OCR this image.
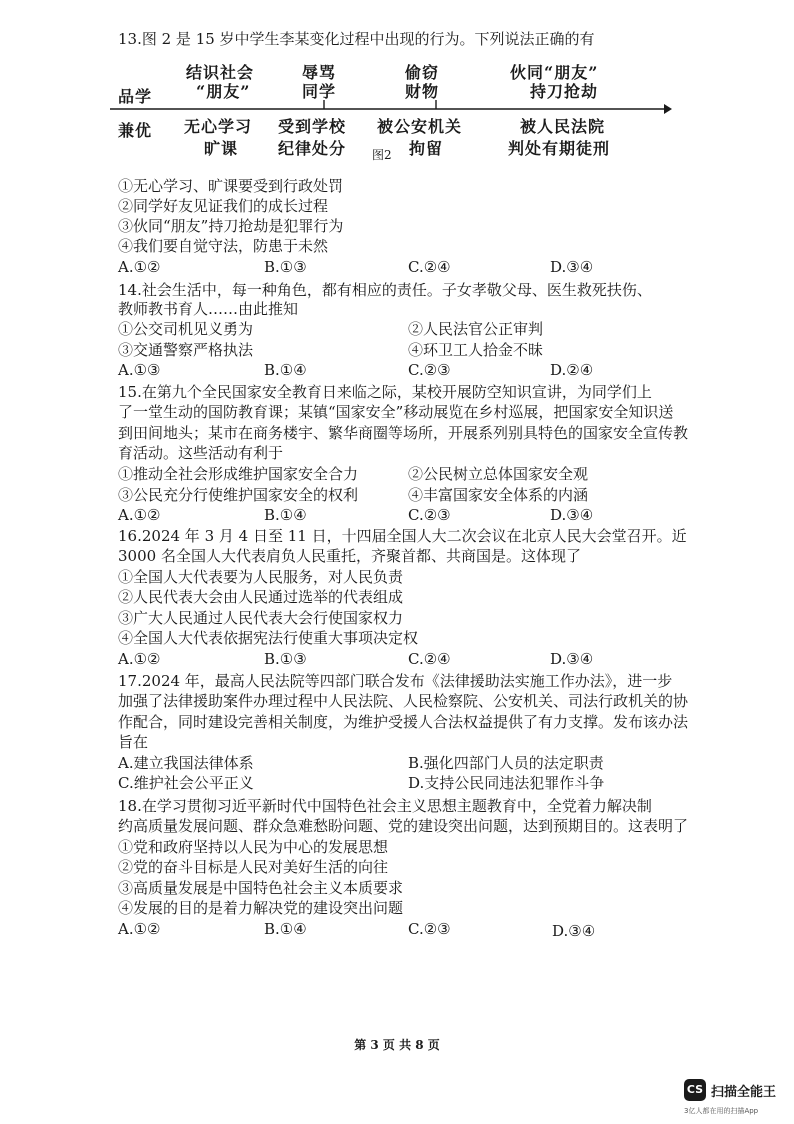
13.图 2 是 15 岁中学生李某变化过程中出现的行为。下列说法正确的有
品学
兼优
结识社会
“朋友”
辱骂
同学
偷窃
财物
伙同“朋友”
持刀抢劫
无心学习
旷课
受到学校
纪律处分
被公安机关
拘留
被人民法院
判处有期徒刑
图2
①无心学习、旷课要受到行政处罚
②同学好友见证我们的成长过程
③伙同“朋友”持刀抢劫是犯罪行为
④我们要自觉守法，防患于未然
A.①②	B.①③	C.②④	D.③④
14.社会生活中，每一种角色，都有相应的责任。子女孝敬父母、医生救死扶伤、
教师教书育人……由此推知
①公交司机见义勇为	②人民法官公正审判
③交通警察严格执法	④环卫工人拾金不昧
A.①③	B.①④	C.②③	D.②④
15.在第九个全民国家安全教育日来临之际，某校开展防空知识宣讲，为同学们上
了一堂生动的国防教育课；某镇“国家安全”移动展览在乡村巡展，把国家安全知识送
到田间地头；某市在商务楼宇、繁华商圈等场所，开展系列别具特色的国家安全宣传教
育活动。这些活动有利于
①推动全社会形成维护国家安全合力	②公民树立总体国家安全观
③公民充分行使维护国家安全的权利	④丰富国家安全体系的内涵
A.①②	B.①④	C.②③	D.③④
16.2024 年 3 月 4 日至 11 日，十四届全国人大二次会议在北京人民大会堂召开。近
3000 名全国人大代表肩负人民重托，齐聚首都、共商国是。这体现了
①全国人大代表要为人民服务，对人民负责
②人民代表大会由人民通过选举的代表组成
③广大人民通过人民代表大会行使国家权力
④全国人大代表依据宪法行使重大事项决定权
A.①②	B.①③	C.②④	D.③④
17.2024 年，最高人民法院等四部门联合发布《法律援助法实施工作办法》，进一步
加强了法律援助案件办理过程中人民法院、人民检察院、公安机关、司法行政机关的协
作配合，同时建设完善相关制度，为维护受援人合法权益提供了有力支撑。发布该办法
旨在
A.建立我国法律体系	B.强化四部门人员的法定职责
C.维护社会公平正义	D.支持公民同违法犯罪作斗争
18.在学习贯彻习近平新时代中国特色社会主义思想主题教育中，全党着力解决制
约高质量发展问题、群众急难愁盼问题、党的建设突出问题，达到预期目的。这表明了
①党和政府坚持以人民为中心的发展思想
②党的奋斗目标是人民对美好生活的向往
③高质量发展是中国特色社会主义本质要求
④发展的目的是着力解决党的建设突出问题
A.①②	B.①④	C.②③	D.③④
第 3 页 共 8 页
CS 扫描全能王
3亿人都在用的扫描App
